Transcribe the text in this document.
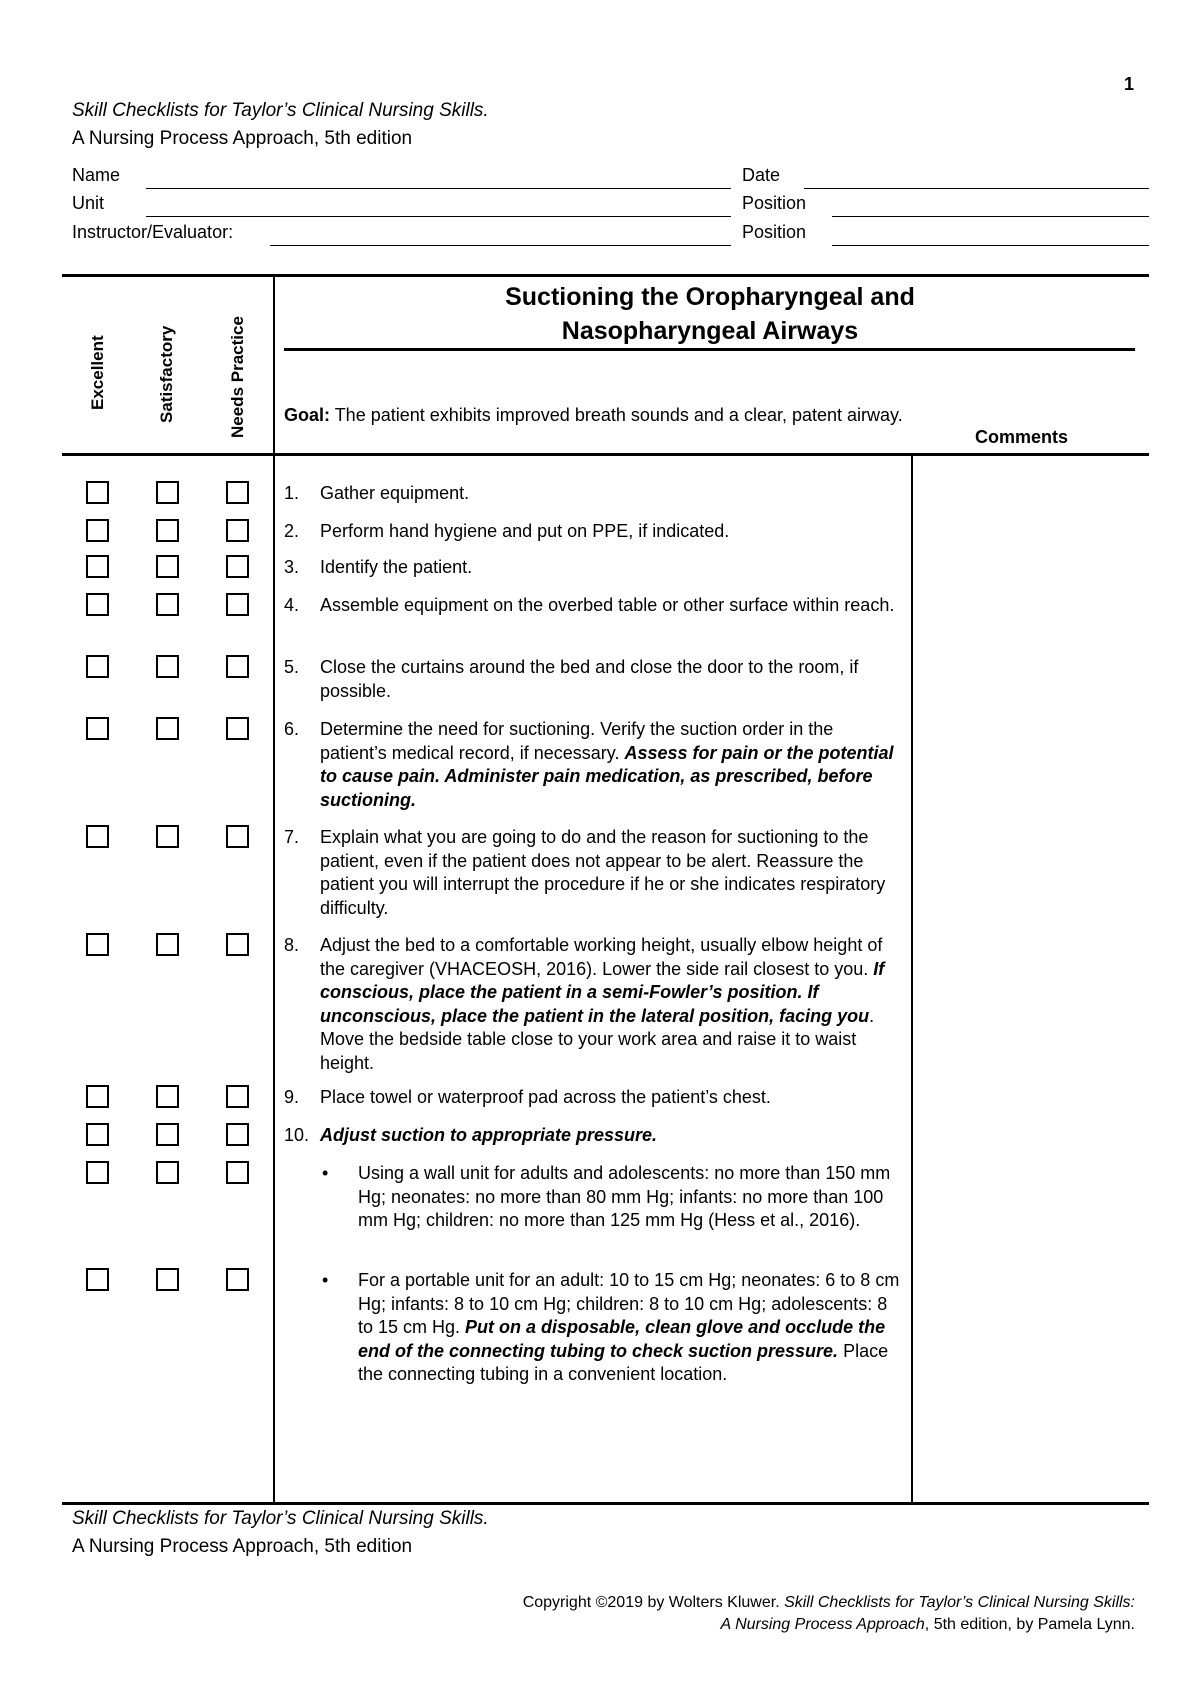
1
Skill Checklists for Taylor’s Clinical Nursing Skills.
A Nursing Process Approach, 5th edition
Name	Date
Unit	Position
Instructor/Evaluator:	Position
Excellent	Satisfactory	Needs Practice
Suctioning the Oropharyngeal and
Nasopharyngeal Airways
Goal: The patient exhibits improved breath sounds and a clear, patent airway.
Comments
1.	Gather equipment.
2.	Perform hand hygiene and put on PPE, if indicated.
3.	Identify the patient.
4.	Assemble equipment on the overbed table or other surface within reach.
5.	Close the curtains around the bed and close the door to the room, if possible.
6.	Determine the need for suctioning. Verify the suction order in the patient’s medical record, if necessary. Assess for pain or the potential to cause pain. Administer pain medication, as prescribed, before suctioning.
7.	Explain what you are going to do and the reason for suctioning to the patient, even if the patient does not appear to be alert. Reassure the patient you will interrupt the procedure if he or she indicates respiratory difficulty.
8.	Adjust the bed to a comfortable working height, usually elbow height of the caregiver (VHACEOSH, 2016). Lower the side rail closest to you. If conscious, place the patient in a semi-Fowler’s position. If unconscious, place the patient in the lateral position, facing you. Move the bedside table close to your work area and raise it to waist height.
9.	Place towel or waterproof pad across the patient’s chest.
10. Adjust suction to appropriate pressure.
•	Using a wall unit for adults and adolescents: no more than 150 mm Hg; neonates: no more than 80 mm Hg; infants: no more than 100 mm Hg; children: no more than 125 mm Hg (Hess et al., 2016).
•	For a portable unit for an adult: 10 to 15 cm Hg; neonates: 6 to 8 cm Hg; infants: 8 to 10 cm Hg; children: 8 to 10 cm Hg; adolescents: 8 to 15 cm Hg. Put on a disposable, clean glove and occlude the end of the connecting tubing to check suction pressure. Place the connecting tubing in a convenient location.
Skill Checklists for Taylor’s Clinical Nursing Skills.
A Nursing Process Approach, 5th edition
Copyright ©2019 by Wolters Kluwer. Skill Checklists for Taylor’s Clinical Nursing Skills:
A Nursing Process Approach, 5th edition, by Pamela Lynn.
